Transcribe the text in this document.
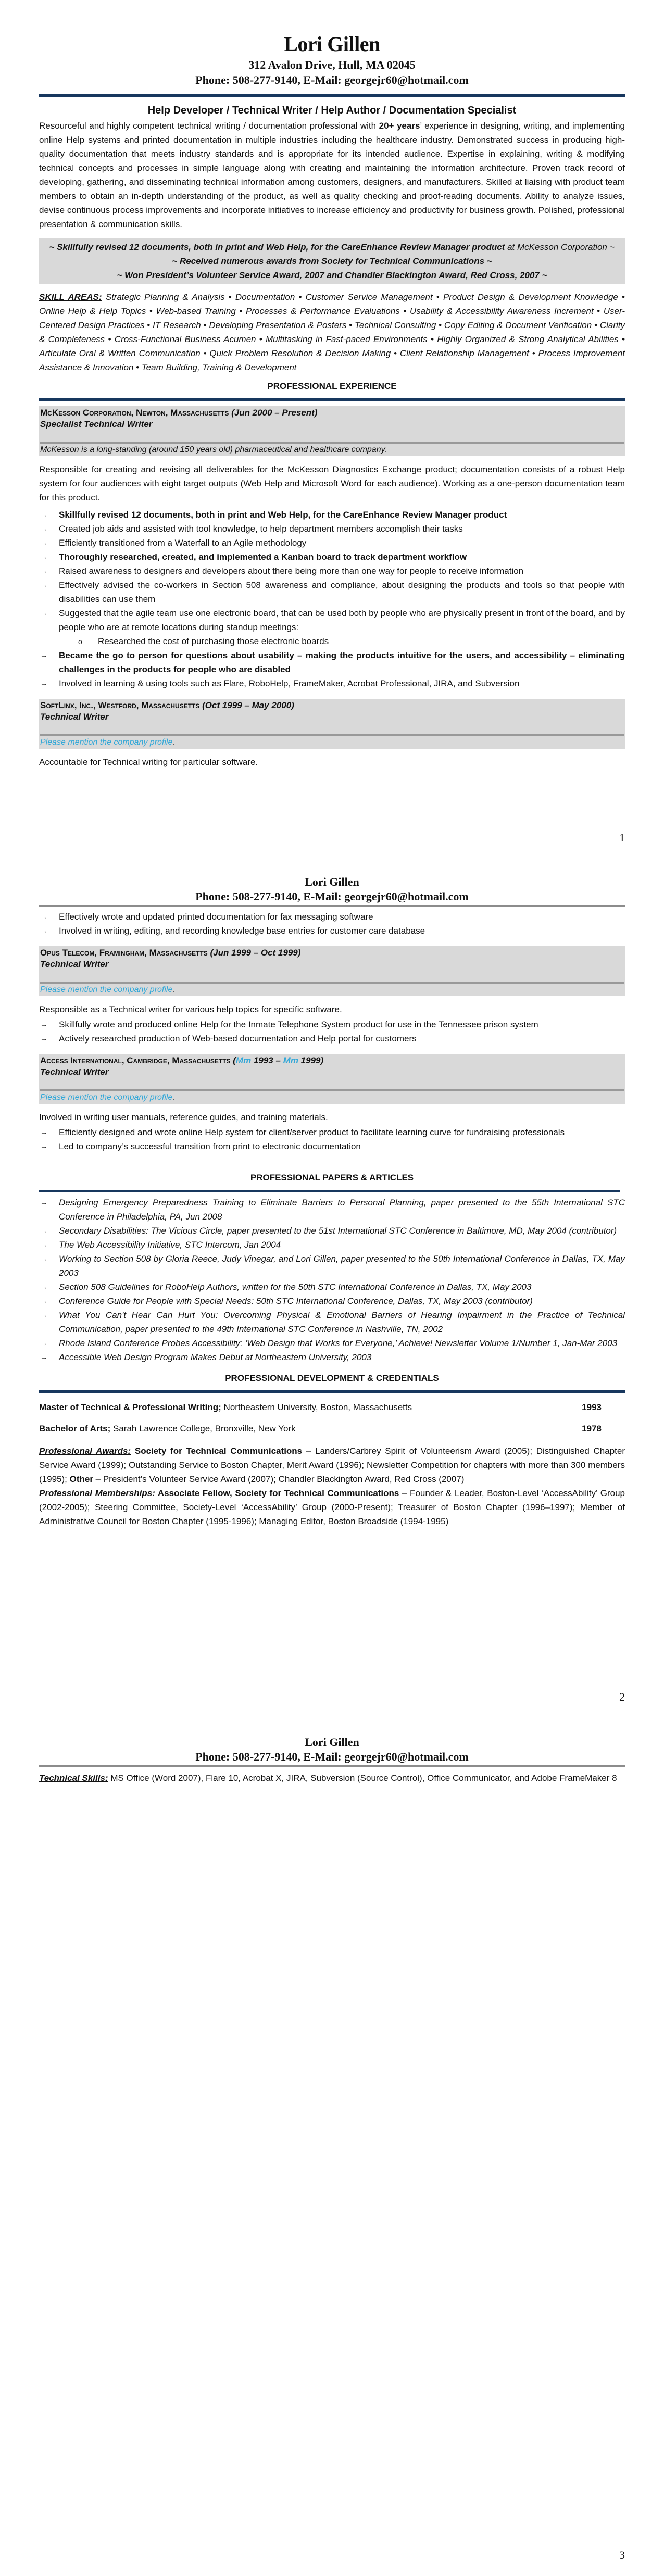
Lori Gillen
312 Avalon Drive, Hull, MA 02045
Phone: 508-277-9140, E-Mail: georgejr60@hotmail.com
Help Developer / Technical Writer / Help Author / Documentation Specialist
Resourceful and highly competent technical writing / documentation professional with 20+ years’ experience in designing, writing, and implementing online Help systems and printed documentation in multiple industries including the healthcare industry. Demonstrated success in producing high-quality documentation that meets industry standards and is appropriate for its intended audience. Expertise in explaining, writing & modifying technical concepts and processes in simple language along with creating and maintaining the information architecture. Proven track record of developing, gathering, and disseminating technical information among customers, designers, and manufacturers. Skilled at liaising with product team members to obtain an in-depth understanding of the product, as well as quality checking and proof-reading documents. Ability to analyze issues, devise continuous process improvements and incorporate initiatives to increase efficiency and productivity for business growth. Polished, professional presentation & communication skills.
~ Skillfully revised 12 documents, both in print and Web Help, for the CareEnhance Review Manager product at McKesson Corporation ~
~ Received numerous awards from Society for Technical Communications ~
~ Won President’s Volunteer Service Award, 2007 and Chandler Blackington Award, Red Cross, 2007 ~
SKILL AREAS: Strategic Planning & Analysis • Documentation • Customer Service Management • Product Design & Development Knowledge • Online Help & Help Topics • Web-based Training • Processes & Performance Evaluations • Usability & Accessibility Awareness Increment • User-Centered Design Practices • IT Research • Developing Presentation & Posters • Technical Consulting • Copy Editing & Document Verification • Clarity & Completeness • Cross-Functional Business Acumen • Multitasking in Fast-paced Environments • Highly Organized & Strong Analytical Abilities • Articulate Oral & Written Communication • Quick Problem Resolution & Decision Making • Client Relationship Management • Process Improvement Assistance & Innovation • Team Building, Training & Development
PROFESSIONAL EXPERIENCE
McKesson Corporation, Newton, Massachusetts (Jun 2000 – Present)
Specialist Technical Writer
McKesson is a long-standing (around 150 years old) pharmaceutical and healthcare company.
Responsible for creating and revising all deliverables for the McKesson Diagnostics Exchange product; documentation consists of a robust Help system for four audiences with eight target outputs (Web Help and Microsoft Word for each audience). Working as a one-person documentation team for this product.
→ Skillfully revised 12 documents, both in print and Web Help, for the CareEnhance Review Manager product
→ Created job aids and assisted with tool knowledge, to help department members accomplish their tasks
→ Efficiently transitioned from a Waterfall to an Agile methodology
→ Thoroughly researched, created, and implemented a Kanban board to track department workflow
→ Raised awareness to designers and developers about there being more than one way for people to receive information
→ Effectively advised the co-workers in Section 508 awareness and compliance, about designing the products and tools so that people with disabilities can use them
→ Suggested that the agile team use one electronic board, that can be used both by people who are physically present in front of the board, and by people who are at remote locations during standup meetings:
o Researched the cost of purchasing those electronic boards
→ Became the go to person for questions about usability – making the products intuitive for the users, and accessibility – eliminating challenges in the products for people who are disabled
→ Involved in learning & using tools such as Flare, RoboHelp, FrameMaker, Acrobat Professional, JIRA, and Subversion
SoftLinx, Inc., Westford, Massachusetts (Oct 1999 – May 2000)
Technical Writer
Please mention the company profile.
Accountable for Technical writing for particular software.
1
Lori Gillen
Phone: 508-277-9140, E-Mail: georgejr60@hotmail.com
→ Effectively wrote and updated printed documentation for fax messaging software
→ Involved in writing, editing, and recording knowledge base entries for customer care database
Opus Telecom, Framingham, Massachusetts (Jun 1999 – Oct 1999)
Technical Writer
Please mention the company profile.
Responsible as a Technical writer for various help topics for specific software.
→ Skillfully wrote and produced online Help for the Inmate Telephone System product for use in the Tennessee prison system
→ Actively researched production of Web-based documentation and Help portal for customers
Access International, Cambridge, Massachusetts (Mm 1993 – Mm 1999)
Technical Writer
Please mention the company profile.
Involved in writing user manuals, reference guides, and training materials.
→ Efficiently designed and wrote online Help system for client/server product to facilitate learning curve for fundraising professionals
→ Led to company’s successful transition from print to electronic documentation
PROFESSIONAL PAPERS & ARTICLES
→ Designing Emergency Preparedness Training to Eliminate Barriers to Personal Planning, paper presented to the 55th International STC Conference in Philadelphia, PA, Jun 2008
→ Secondary Disabilities: The Vicious Circle, paper presented to the 51st International STC Conference in Baltimore, MD, May 2004 (contributor)
→ The Web Accessibility Initiative, STC Intercom, Jan 2004
→ Working to Section 508 by Gloria Reece, Judy Vinegar, and Lori Gillen, paper presented to the 50th International Conference in Dallas, TX, May 2003
→ Section 508 Guidelines for RoboHelp Authors, written for the 50th STC International Conference in Dallas, TX, May 2003
→ Conference Guide for People with Special Needs: 50th STC International Conference, Dallas, TX, May 2003 (contributor)
→ What You Can't Hear Can Hurt You: Overcoming Physical & Emotional Barriers of Hearing Impairment in the Practice of Technical Communication, paper presented to the 49th International STC Conference in Nashville, TN, 2002
→ Rhode Island Conference Probes Accessibility: ‘Web Design that Works for Everyone,’ Achieve! Newsletter Volume 1/Number 1, Jan-Mar 2003
→ Accessible Web Design Program Makes Debut at Northeastern University, 2003
PROFESSIONAL DEVELOPMENT & CREDENTIALS
Master of Technical & Professional Writing; Northeastern University, Boston, Massachusetts	1993
Bachelor of Arts; Sarah Lawrence College, Bronxville, New York	1978
Professional Awards: Society for Technical Communications – Landers/Carbrey Spirit of Volunteerism Award (2005); Distinguished Chapter Service Award (1999); Outstanding Service to Boston Chapter, Merit Award (1996); Newsletter Competition for chapters with more than 300 members (1995); Other – President’s Volunteer Service Award (2007); Chandler Blackington Award, Red Cross (2007)
Professional Memberships: Associate Fellow, Society for Technical Communications – Founder & Leader, Boston-Level ‘AccessAbility’ Group (2002-2005); Steering Committee, Society-Level ‘AccessAbility’ Group (2000-Present); Treasurer of Boston Chapter (1996–1997); Member of Administrative Council for Boston Chapter (1995-1996); Managing Editor, Boston Broadside (1994-1995)
2
Lori Gillen
Phone: 508-277-9140, E-Mail: georgejr60@hotmail.com
Technical Skills: MS Office (Word 2007), Flare 10, Acrobat X, JIRA, Subversion (Source Control), Office Communicator, and Adobe FrameMaker 8
3
